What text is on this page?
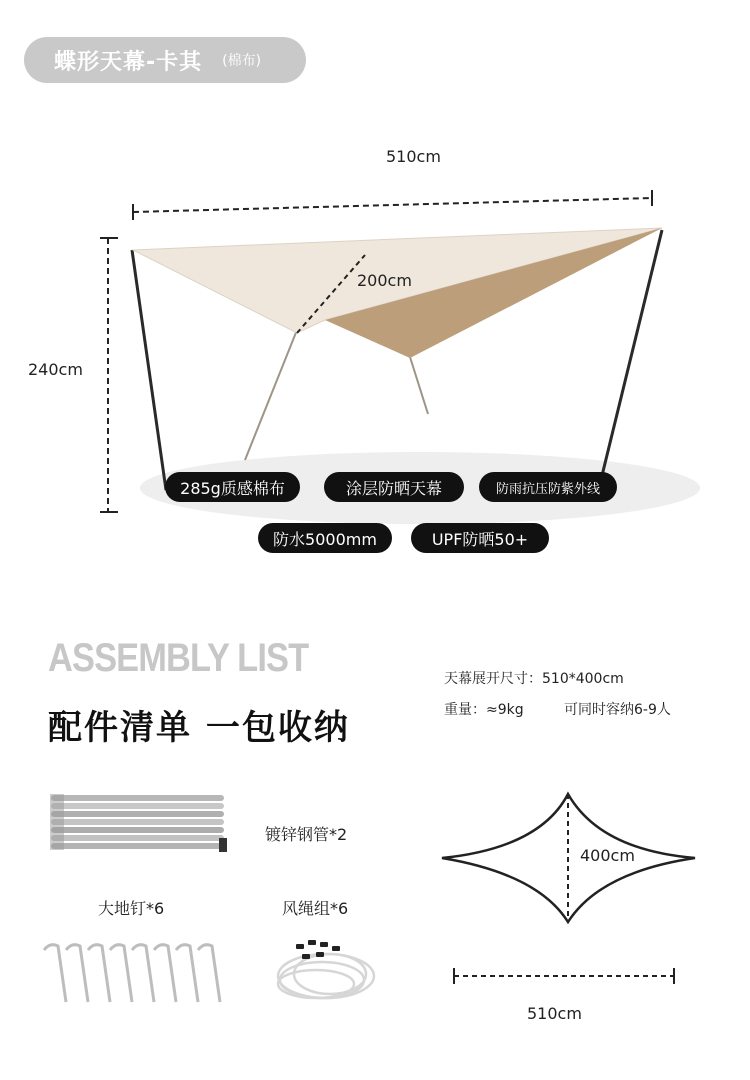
蝶形天幕-卡其 (棉布)
510cm
240cm
200cm
285g质感棉布	涂层防晒天幕	防雨抗压防紫外线
防水5000mm	UPF防晒50+
ASSEMBLY LIST
配件清单 一包收纳
天幕展开尺寸：510*400cm
重量：≈9kg	可同时容纳6-9人
镀锌钢管*2
大地钉*6	风绳组*6
400cm
510cm
